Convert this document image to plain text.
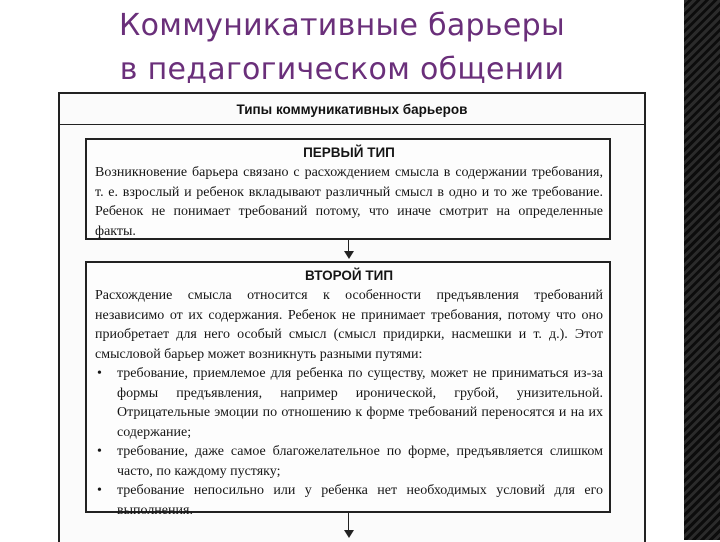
Коммуникативные барьеры
в педагогическом общении
Типы коммуникативных барьеров
ПЕРВЫЙ ТИП

Возникновение барьера связано с расхождением смысла в содержании требования, т. е. взрослый и ребенок вкладывают различный смысл в одно и то же требование. Ребенок не понимает требований потому, что иначе смотрит на определенные факты.

ВТОРОЙ ТИП

Расхождение смысла относится к особенности предъявления требований независимо от их содержания. Ребенок не принимает требования, потому что оно приобретает для него особый смысл (смысл придирки, насмешки и т. д.). Этот смысловой барьер может возникнуть разными путями:

• требование, приемлемое для ребенка по существу, может не приниматься из-за формы предъявления, например иронической, грубой, унизительной. Отрицательные эмоции по отношению к форме требований переносятся и на их содержание;
• требование, даже самое благожелательное по форме, предъявляется слишком часто, по каждому пустяку;
• требование непосильно или у ребенка нет необходимых условий для его выполнения.
